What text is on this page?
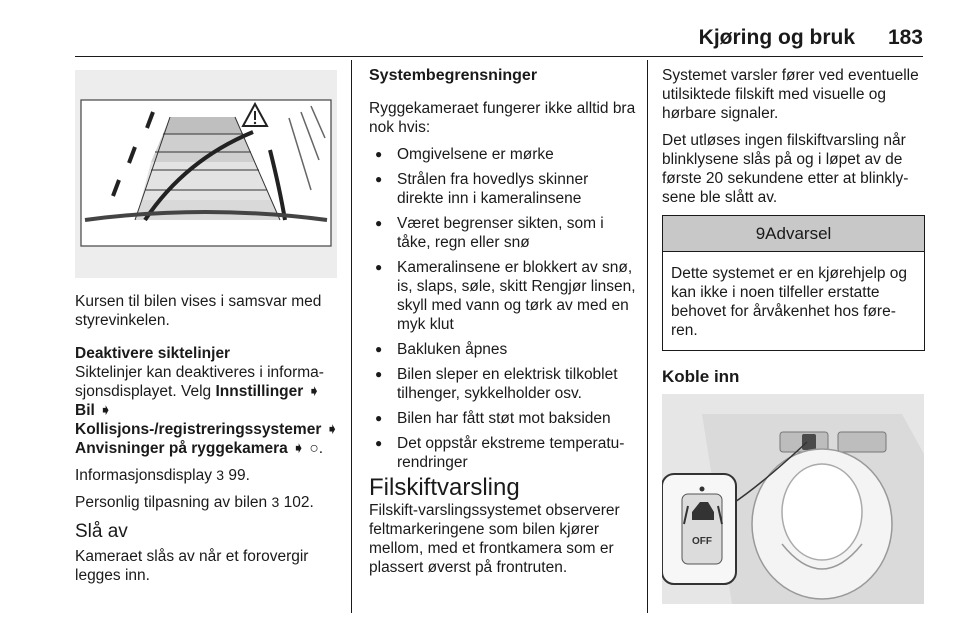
Kjøring og bruk 183

Kursen til bilen vises i samsvar med styrevinkelen.

Deaktivere siktelinjer

Siktelinjer kan deaktiveres i informa-sjonsdisplayet. Velg Innstillinger ➧ Bil ➧ Kollisjons-/registreringssystemer ➧ Anvisninger på ryggekamera ➧ ○.

Informasjonsdisplay 3 99.

Personlig tilpasning av bilen 3 102.

Slå av

Kameraet slås av når et forovergir legges inn.

Systembegrensninger

Ryggekameraet fungerer ikke alltid bra nok hvis:

● Omgivelsene er mørke
● Strålen fra hovedlys skinner direkte inn i kameralinsene
● Været begrenser sikten, som i tåke, regn eller snø
● Kameralinsene er blokkert av snø, is, slaps, søle, skitt Rengjør linsen, skyll med vann og tørk av med en myk klut
● Bakluken åpnes
● Bilen sleper en elektrisk tilkoblet tilhenger, sykkelholder osv.
● Bilen har fått støt mot baksiden
● Det oppstår ekstreme temperatu-rendringer
Filskiftvarsling

Filskift-varslingssystemet observerer feltmarkeringene som bilen kjører mellom, med et frontkamera som er plassert øverst på frontruten.

Systemet varsler fører ved eventuelle utilsiktede filskift med visuelle og hørbare signaler.

Det utløses ingen filskiftvarsling når blinklysene slås på og i løpet av de første 20 sekundene etter at blinkly-sene ble slått av.

9Advarsel
Dette systemet er en kjørehjelp og kan ikke i noen tilfeller erstatte behovet for årvåkenhet hos føre-ren.
Koble inn
OFF
